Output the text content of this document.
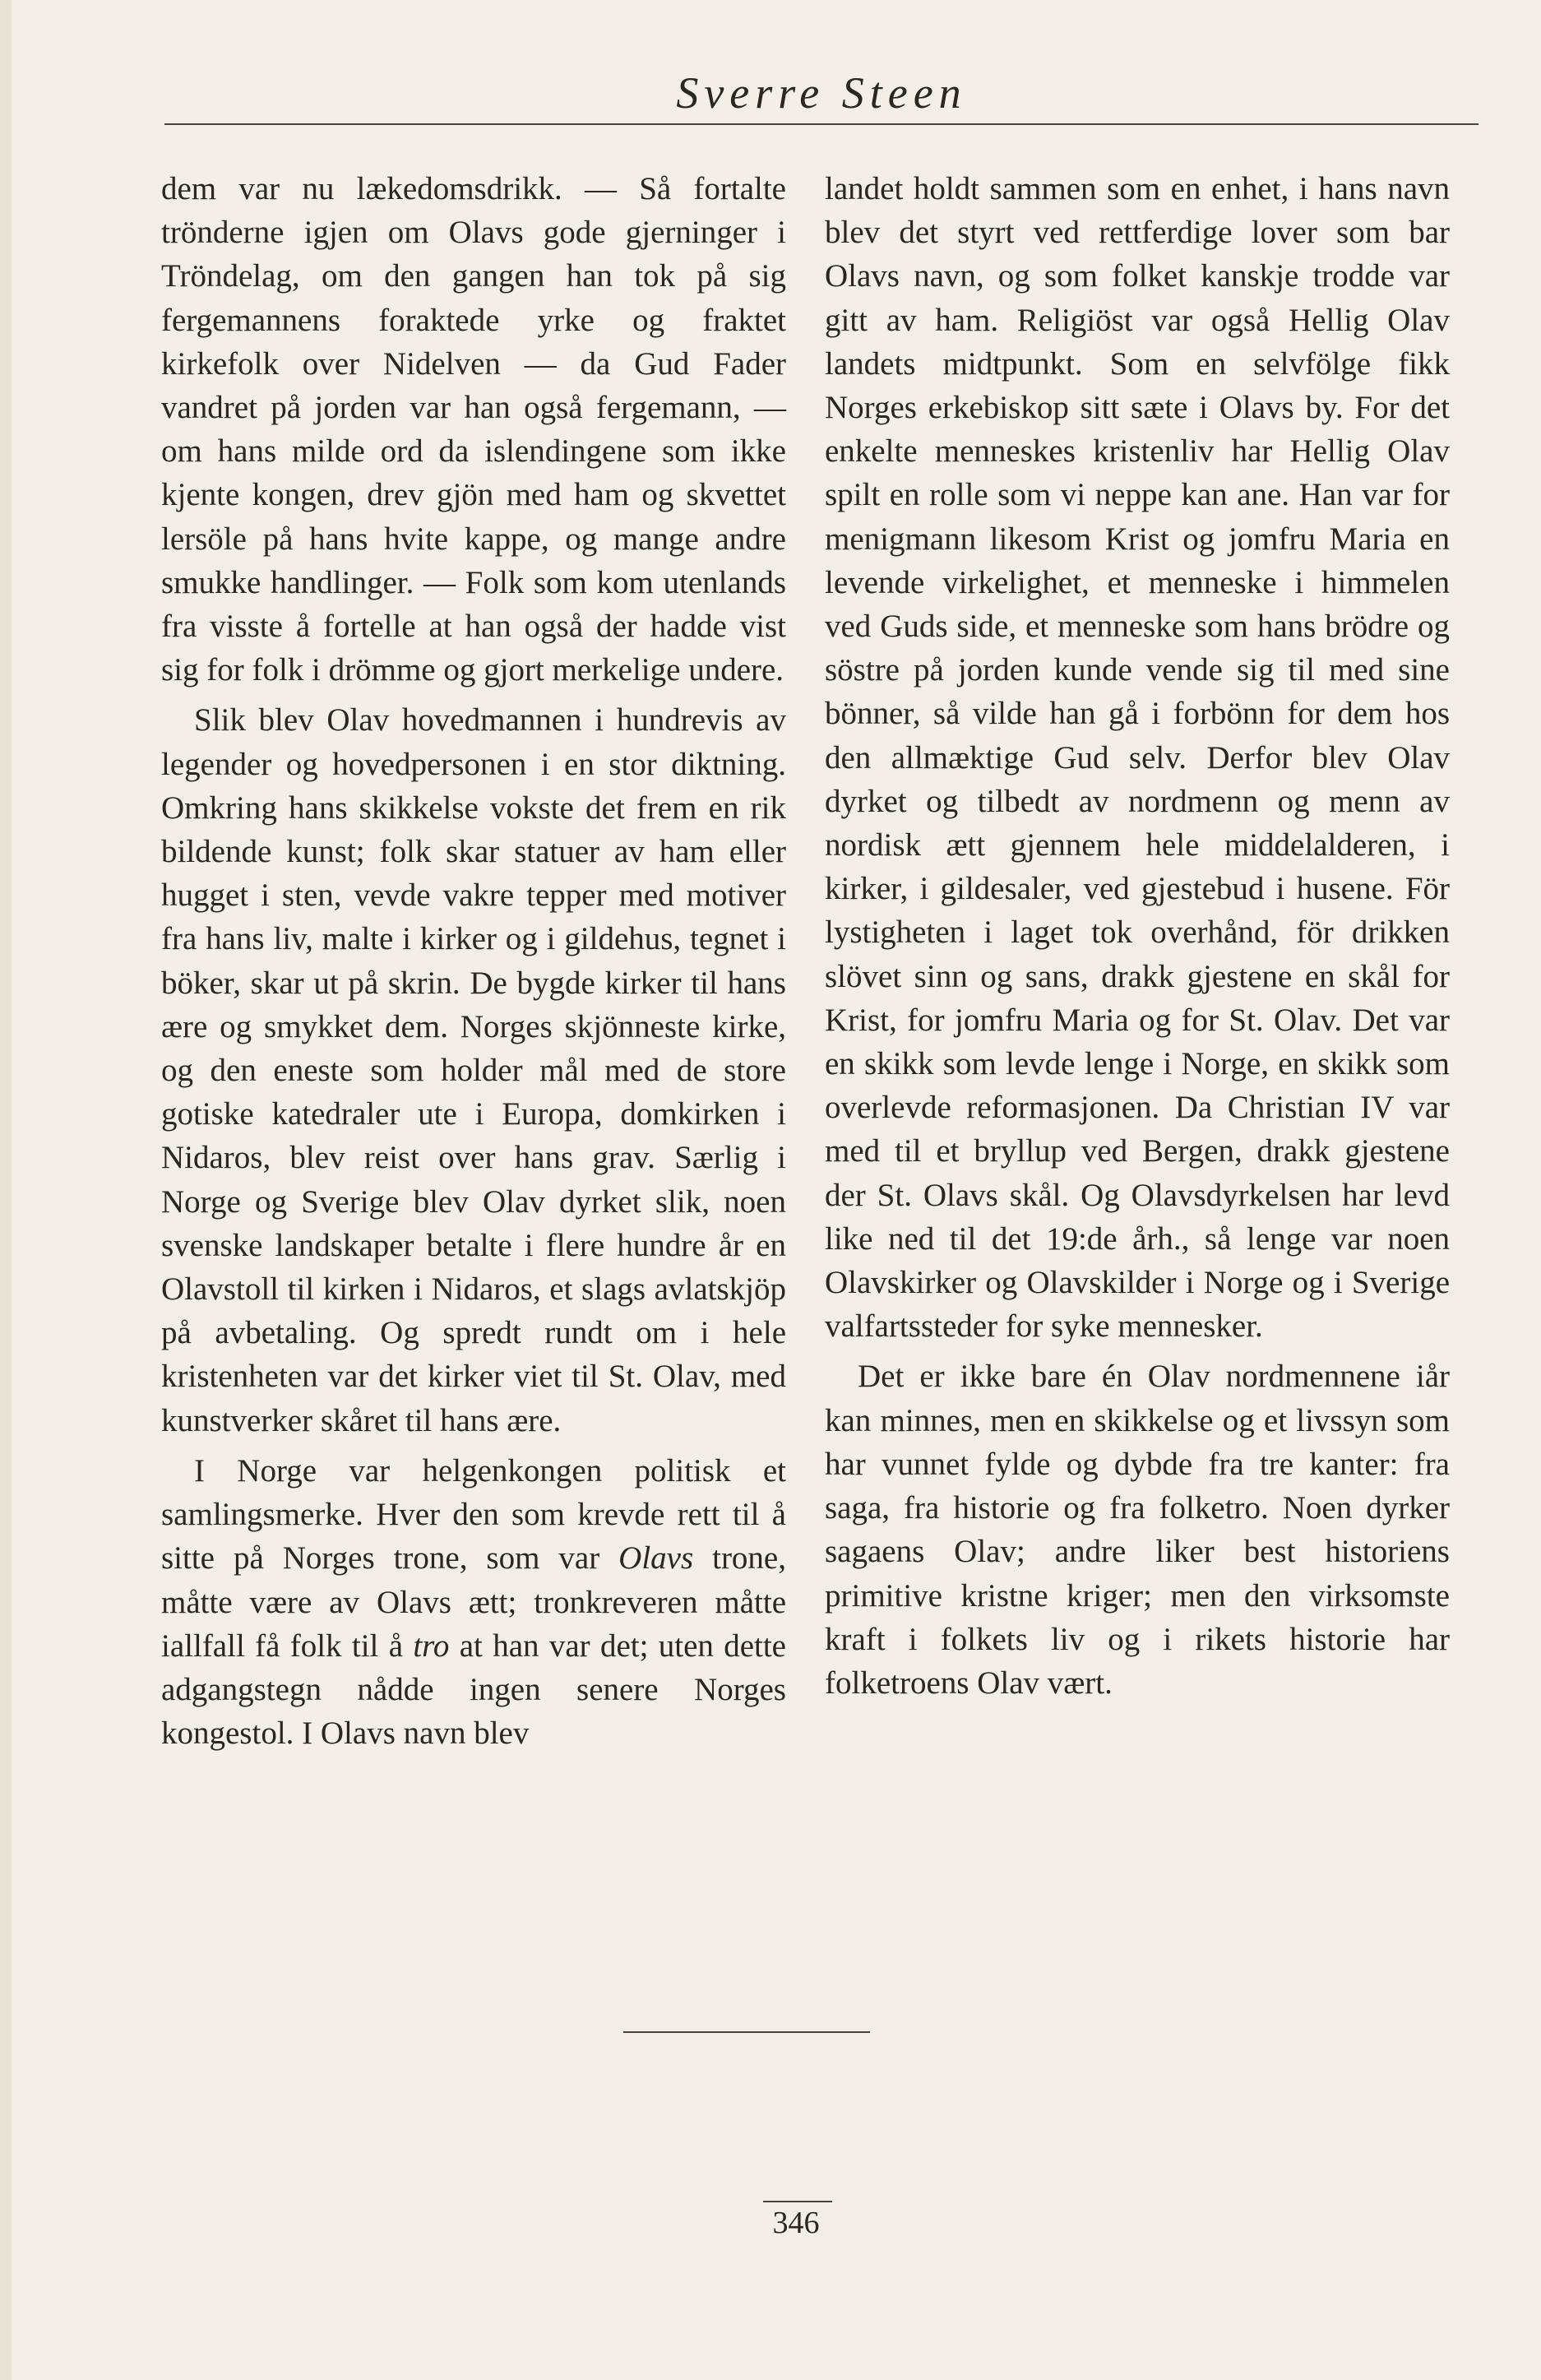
Sverre Steen

dem var nu lækedomsdrikk. — Så fortalte trönderne igjen om Olavs gode gjerninger i Tröndelag, om den gangen han tok på sig fergemannens foraktede yrke og fraktet kirkefolk over Nidelven — da Gud Fader vandret på jorden var han også fergemann, — om hans milde ord da islendingene som ikke kjente kongen, drev gjön med ham og skvettet lersöle på hans hvite kappe, og mange andre smukke handlinger. — Folk som kom utenlands fra visste å fortelle at han også der hadde vist sig for folk i drömme og gjort merkelige undere.

Slik blev Olav hovedmannen i hundrevis av legender og hovedpersonen i en stor diktning. Omkring hans skikkelse vokste det frem en rik bildende kunst; folk skar statuer av ham eller hugget i sten, vevde vakre tepper med motiver fra hans liv, malte i kirker og i gildehus, tegnet i böker, skar ut på skrin. De bygde kirker til hans ære og smykket dem. Norges skjönneste kirke, og den eneste som holder mål med de store gotiske katedraler ute i Europa, domkirken i Nidaros, blev reist over hans grav. Særlig i Norge og Sverige blev Olav dyrket slik, noen svenske landskaper betalte i flere hundre år en Olavstoll til kirken i Nidaros, et slags avlatskjöp på avbetaling. Og spredt rundt om i hele kristenheten var det kirker viet til St. Olav, med kunstverker skåret til hans ære.

I Norge var helgenkongen politisk et samlingsmerke. Hver den som krevde rett til å sitte på Norges trone, som var Olavs trone, måtte være av Olavs ætt; tronkreveren måtte iallfall få folk til å tro at han var det; uten dette adgangstegn nådde ingen senere Norges kongestol. I Olavs navn blev

landet holdt sammen som en enhet, i hans navn blev det styrt ved rettferdige lover som bar Olavs navn, og som folket kanskje trodde var gitt av ham. Religiöst var også Hellig Olav landets midtpunkt. Som en selvfölge fikk Norges erkebiskop sitt sæte i Olavs by. For det enkelte menneskes kristenliv har Hellig Olav spilt en rolle som vi neppe kan ane. Han var for menigmann likesom Krist og jomfru Maria en levende virkelighet, et menneske i himmelen ved Guds side, et menneske som hans brödre og söstre på jorden kunde vende sig til med sine bönner, så vilde han gå i forbönn for dem hos den allmæktige Gud selv. Derfor blev Olav dyrket og tilbedt av nordmenn og menn av nordisk ætt gjennem hele middelalderen, i kirker, i gildesaler, ved gjestebud i husene. För lystigheten i laget tok overhånd, för drikken slövet sinn og sans, drakk gjestene en skål for Krist, for jomfru Maria og for St. Olav. Det var en skikk som levde lenge i Norge, en skikk som overlevde reformasjonen. Da Christian IV var med til et bryllup ved Bergen, drakk gjestene der St. Olavs skål. Og Olavsdyrkelsen har levd like ned til det 19:de årh., så lenge var noen Olavskirker og Olavskilder i Norge og i Sverige valfartssteder for syke mennesker.

Det er ikke bare én Olav nordmennene iår kan minnes, men en skikkelse og et livssyn som har vunnet fylde og dybde fra tre kanter: fra saga, fra historie og fra folketro. Noen dyrker sagaens Olav; andre liker best historiens primitive kristne kriger; men den virksomste kraft i folkets liv og i rikets historie har folketroens Olav vært.

346
